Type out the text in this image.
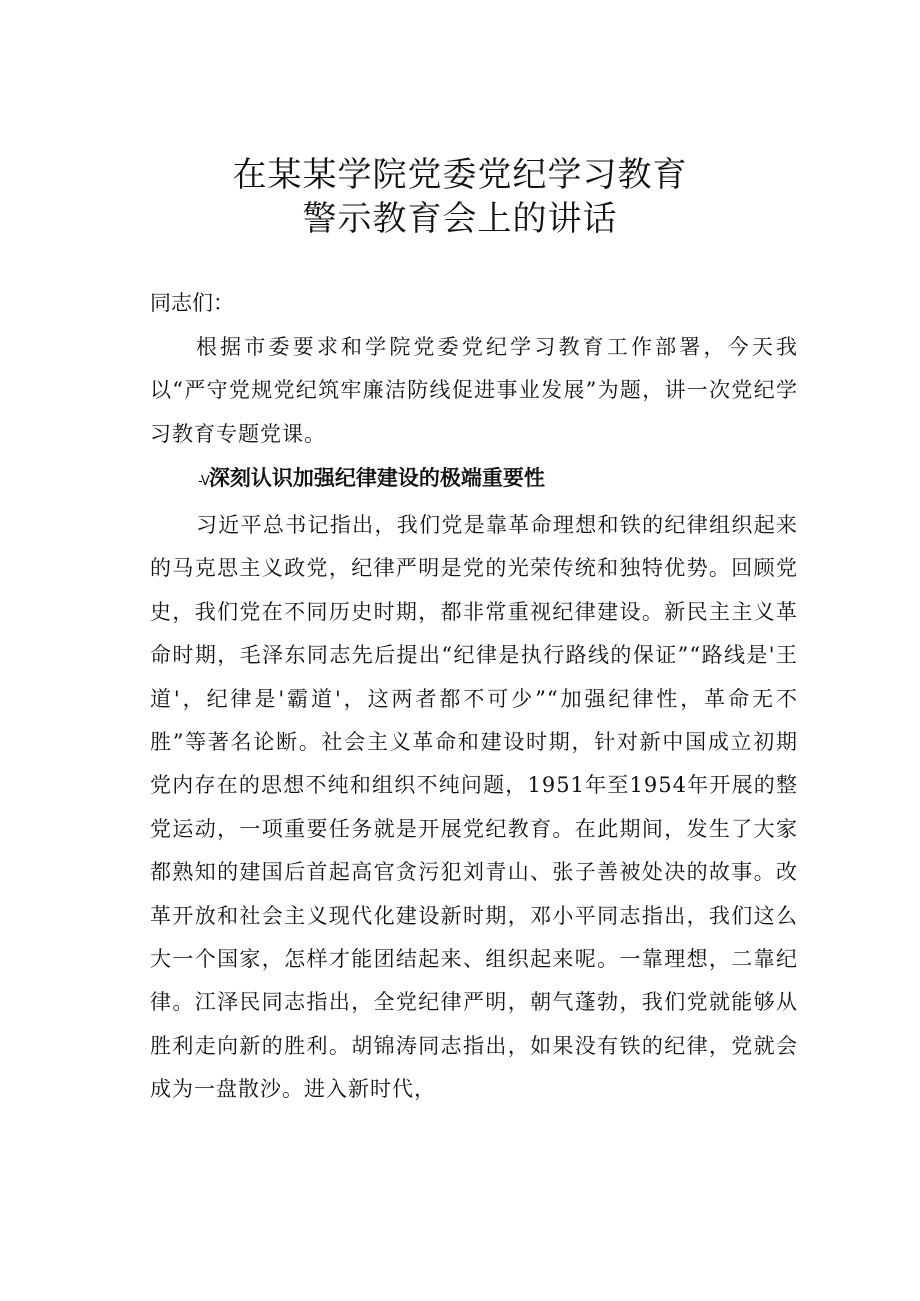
在某某学院党委党纪学习教育
警示教育会上的讲话
同志们：
根据市委要求和学院党委党纪学习教育工作部署，今天我以“严守党规党纪筑牢廉洁防线促进事业发展”为题，讲一次党纪学习教育专题党课。
-V深刻认识加强纪律建设的极端重要性
习近平总书记指出，我们党是靠革命理想和铁的纪律组织起来的马克思主义政党，纪律严明是党的光荣传统和独特优势。回顾党史，我们党在不同历史时期，都非常重视纪律建设。新民主主义革命时期，毛泽东同志先后提出“纪律是执行路线的保证”“路线是'王道'，纪律是'霸道'，这两者都不可少”“加强纪律性，革命无不胜”等著名论断。社会主义革命和建设时期，针对新中国成立初期党内存在的思想不纯和组织不纯问题，1951年至1954年开展的整党运动，一项重要任务就是开展党纪教育。在此期间，发生了大家都熟知的建国后首起高官贪污犯刘青山、张子善被处决的故事。改革开放和社会主义现代化建设新时期，邓小平同志指出，我们这么大一个国家，怎样才能团结起来、组织起来呢。一靠理想，二靠纪律。江泽民同志指出，全党纪律严明，朝气蓬勃，我们党就能够从胜利走向新的胜利。胡锦涛同志指出，如果没有铁的纪律，党就会成为一盘散沙。进入新时代，
